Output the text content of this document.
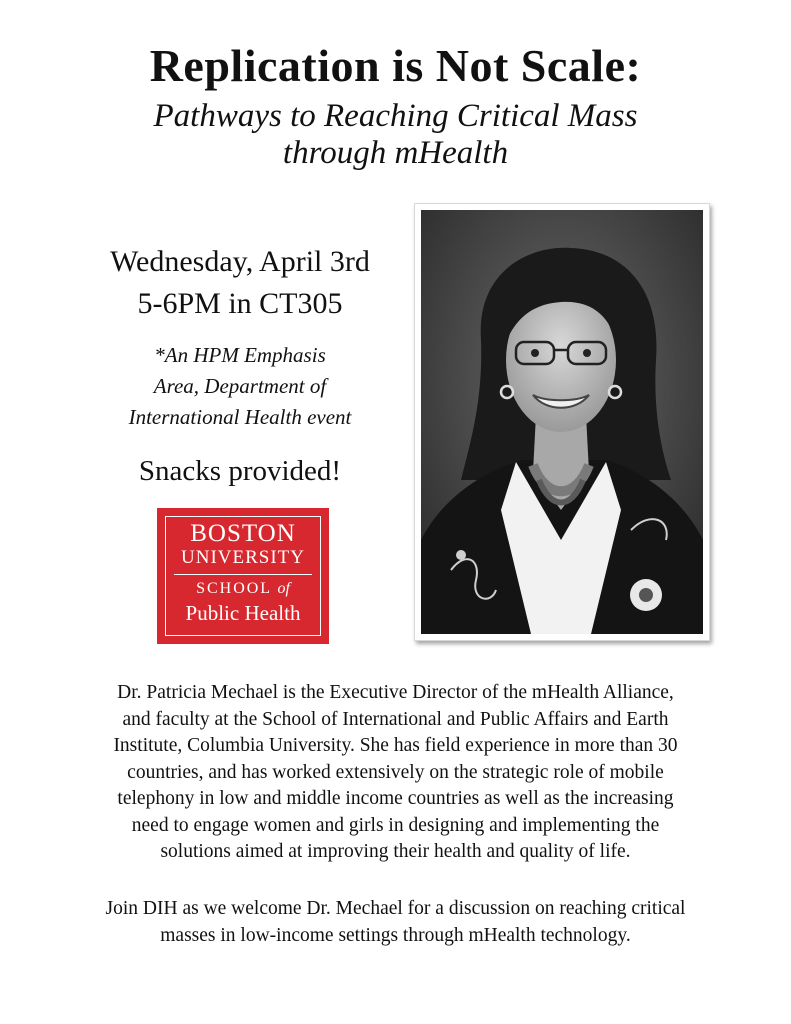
Replication is Not Scale:
Pathways to Reaching Critical Mass
through mHealth
Wednesday, April 3rd
5-6PM in CT305
*An HPM Emphasis
Area, Department of
International Health event
Snacks provided!
BOSTON
UNIVERSITY
SCHOOL of
Public Health
Dr. Patricia Mechael is the Executive Director of the mHealth Alliance,
and faculty at the School of International and Public Affairs and Earth
Institute, Columbia University. She has field experience in more than 30
countries, and has worked extensively on the strategic role of mobile
telephony in low and middle income countries as well as the increasing
need to engage women and girls in designing and implementing the
solutions aimed at improving their health and quality of life.
Join DIH as we welcome Dr. Mechael for a discussion on reaching critical
masses in low-income settings through mHealth technology.
